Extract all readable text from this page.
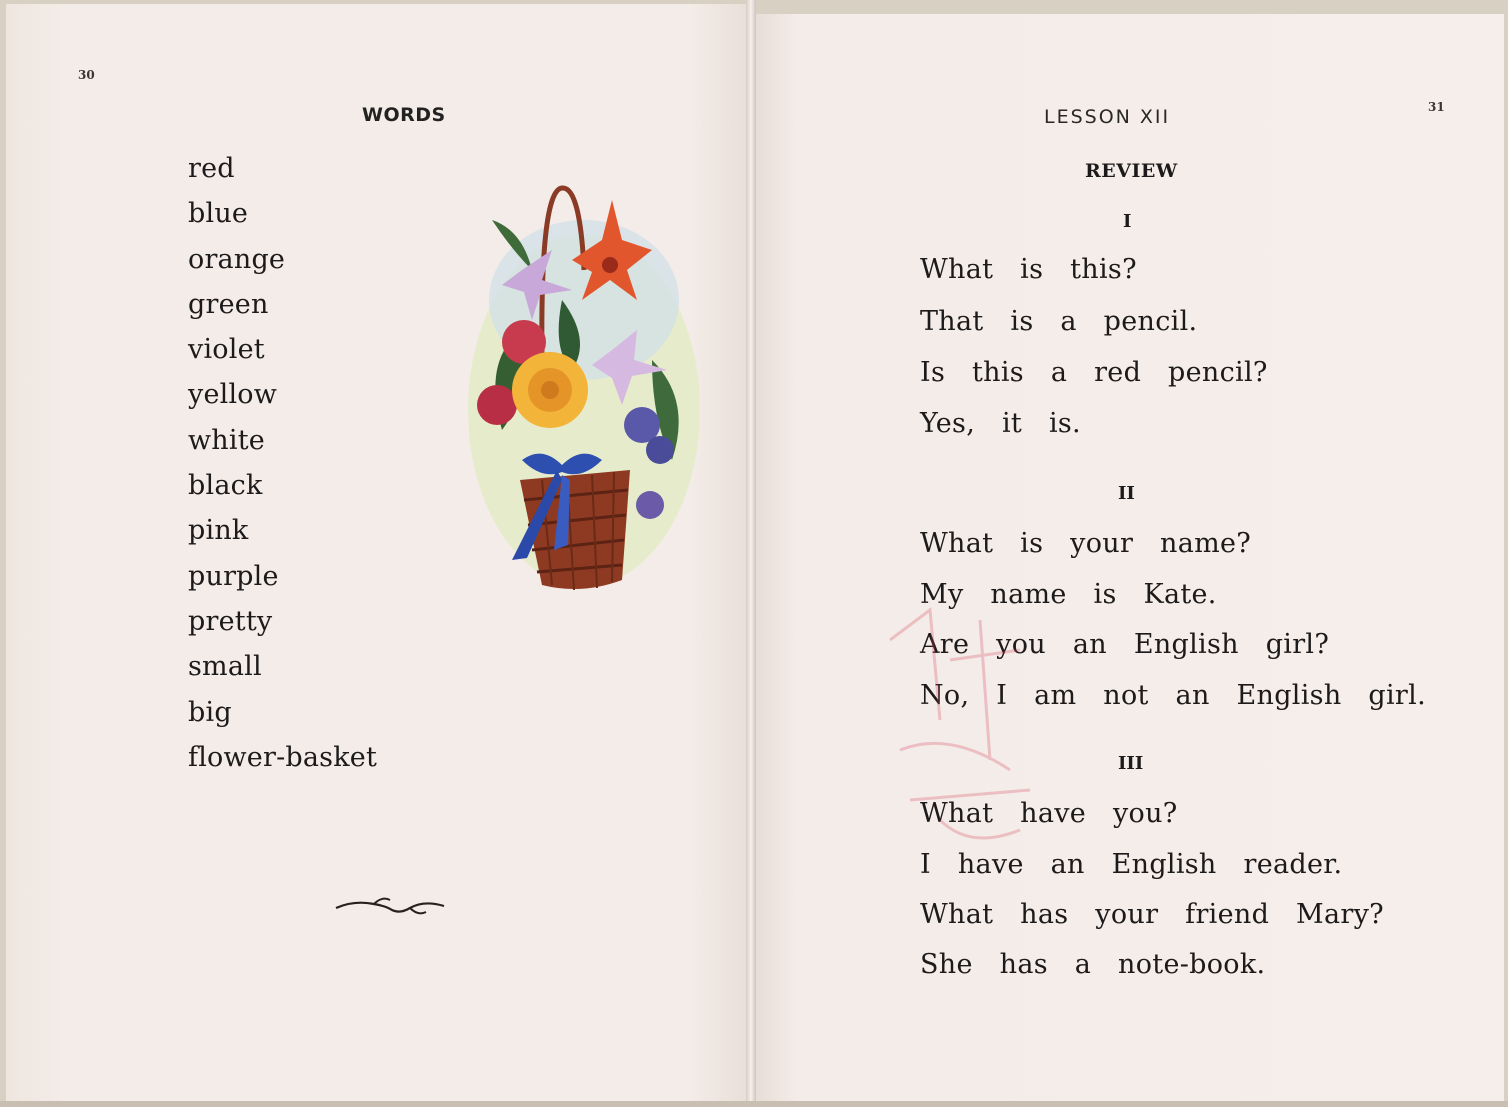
30
WORDS
red
blue
orange
green
violet
yellow
white
black
pink
purple
pretty
small
big
flower-basket
LESSON XII	31
REVIEW
I
What is this?
That is a pencil.
Is this a red pencil?
Yes, it is.
II
What is your name?
My name is Kate.
Are you an English girl?
No, I am not an English girl.
III
What have you?
I have an English reader.
What has your friend Mary?
She has a note-book.
